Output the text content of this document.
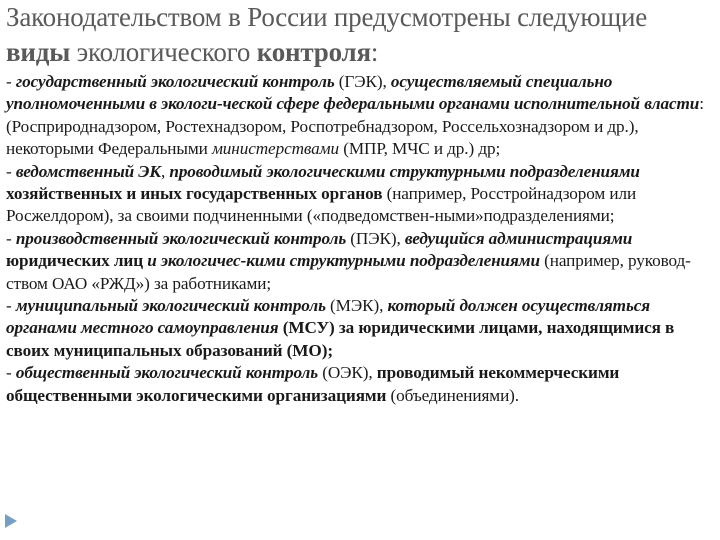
Законодательством в России предусмотрены следующие виды экологического контроля:

- государственный экологический контроль (ГЭК), осуществляемый специально уполномоченными в экологи-ческой сфере федеральными органами исполнительной власти: (Росприроднадзором, Ростехнадзором, Роспотребнадзором, Россельхознадзором и др.), некоторыми Федеральными министерствами (МПР, МЧС и др.) др;

- ведомственный ЭК, проводимый экологическими структурными подразделениями хозяйственных и иных государственных органов (например, Росстройнадзором или Росжелдором), за своими подчиненными («подведомствен-ными»подразделениями;

- производственный экологический контроль (ПЭК), ведущийся администрациями юридических лиц и экологичес-кими структурными подразделениями (например, руковод-ством ОАО «РЖД») за работниками;

- муниципальный экологический контроль (МЭК), который должен осуществляться органами местного самоуправления (МСУ) за юридическими лицами, находящимися в своих муниципальных образований (МО);

- общественный экологический контроль (ОЭК), проводимый некоммерческими общественными экологическими организациями (объединениями).
